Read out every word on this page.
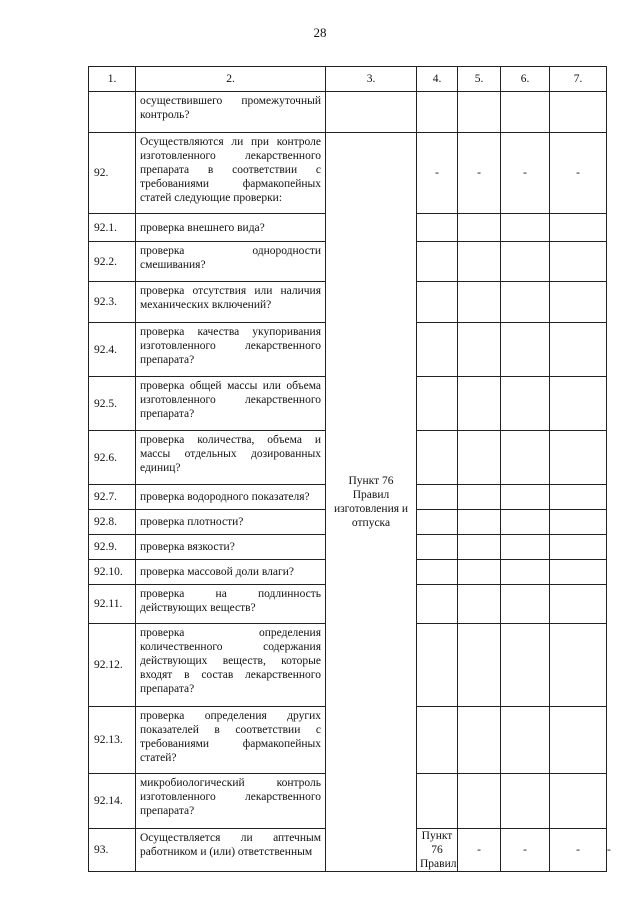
28
1.	2.	3.	4.	5.	6.	7.	
	осуществившего промежуточный контроль?						
92.	Осуществляются ли при контроле изготовленного лекарственного препарата в соответствии с требованиями фармакопейных статей следующие проверки:	Пункт 76 Правил изготовления и отпуска	-	-	-	-	
92.1.	проверка внешнего вида?						
92.2.	проверка однородности смешивания?						
92.3.	проверка отсутствия или наличия механических включений?						
92.4.	проверка качества укупоривания изготовленного лекарственного препарата?						
92.5.	проверка общей массы или объема изготовленного лекарственного препарата?						
92.6.	проверка количества, объема и массы отдельных дозированных единиц?						
92.7.	проверка водородного показателя?						
92.8.	проверка плотности?						
92.9.	проверка вязкости?						
92.10.	проверка массовой доли влаги?						
92.11.	проверка на подлинность действующих веществ?						
92.12.	проверка определения количественного содержания действующих веществ, которые входят в состав лекарственного препарата?						
92.13.	проверка определения других показателей в соответствии с требованиями фармакопейных статей?						
92.14.	микробиологический контроль изготовленного лекарственного препарата?						
93.	Осуществляется ли аптечным работником и (или) ответственным		Пункт 76 Правил	-	-	-	-
